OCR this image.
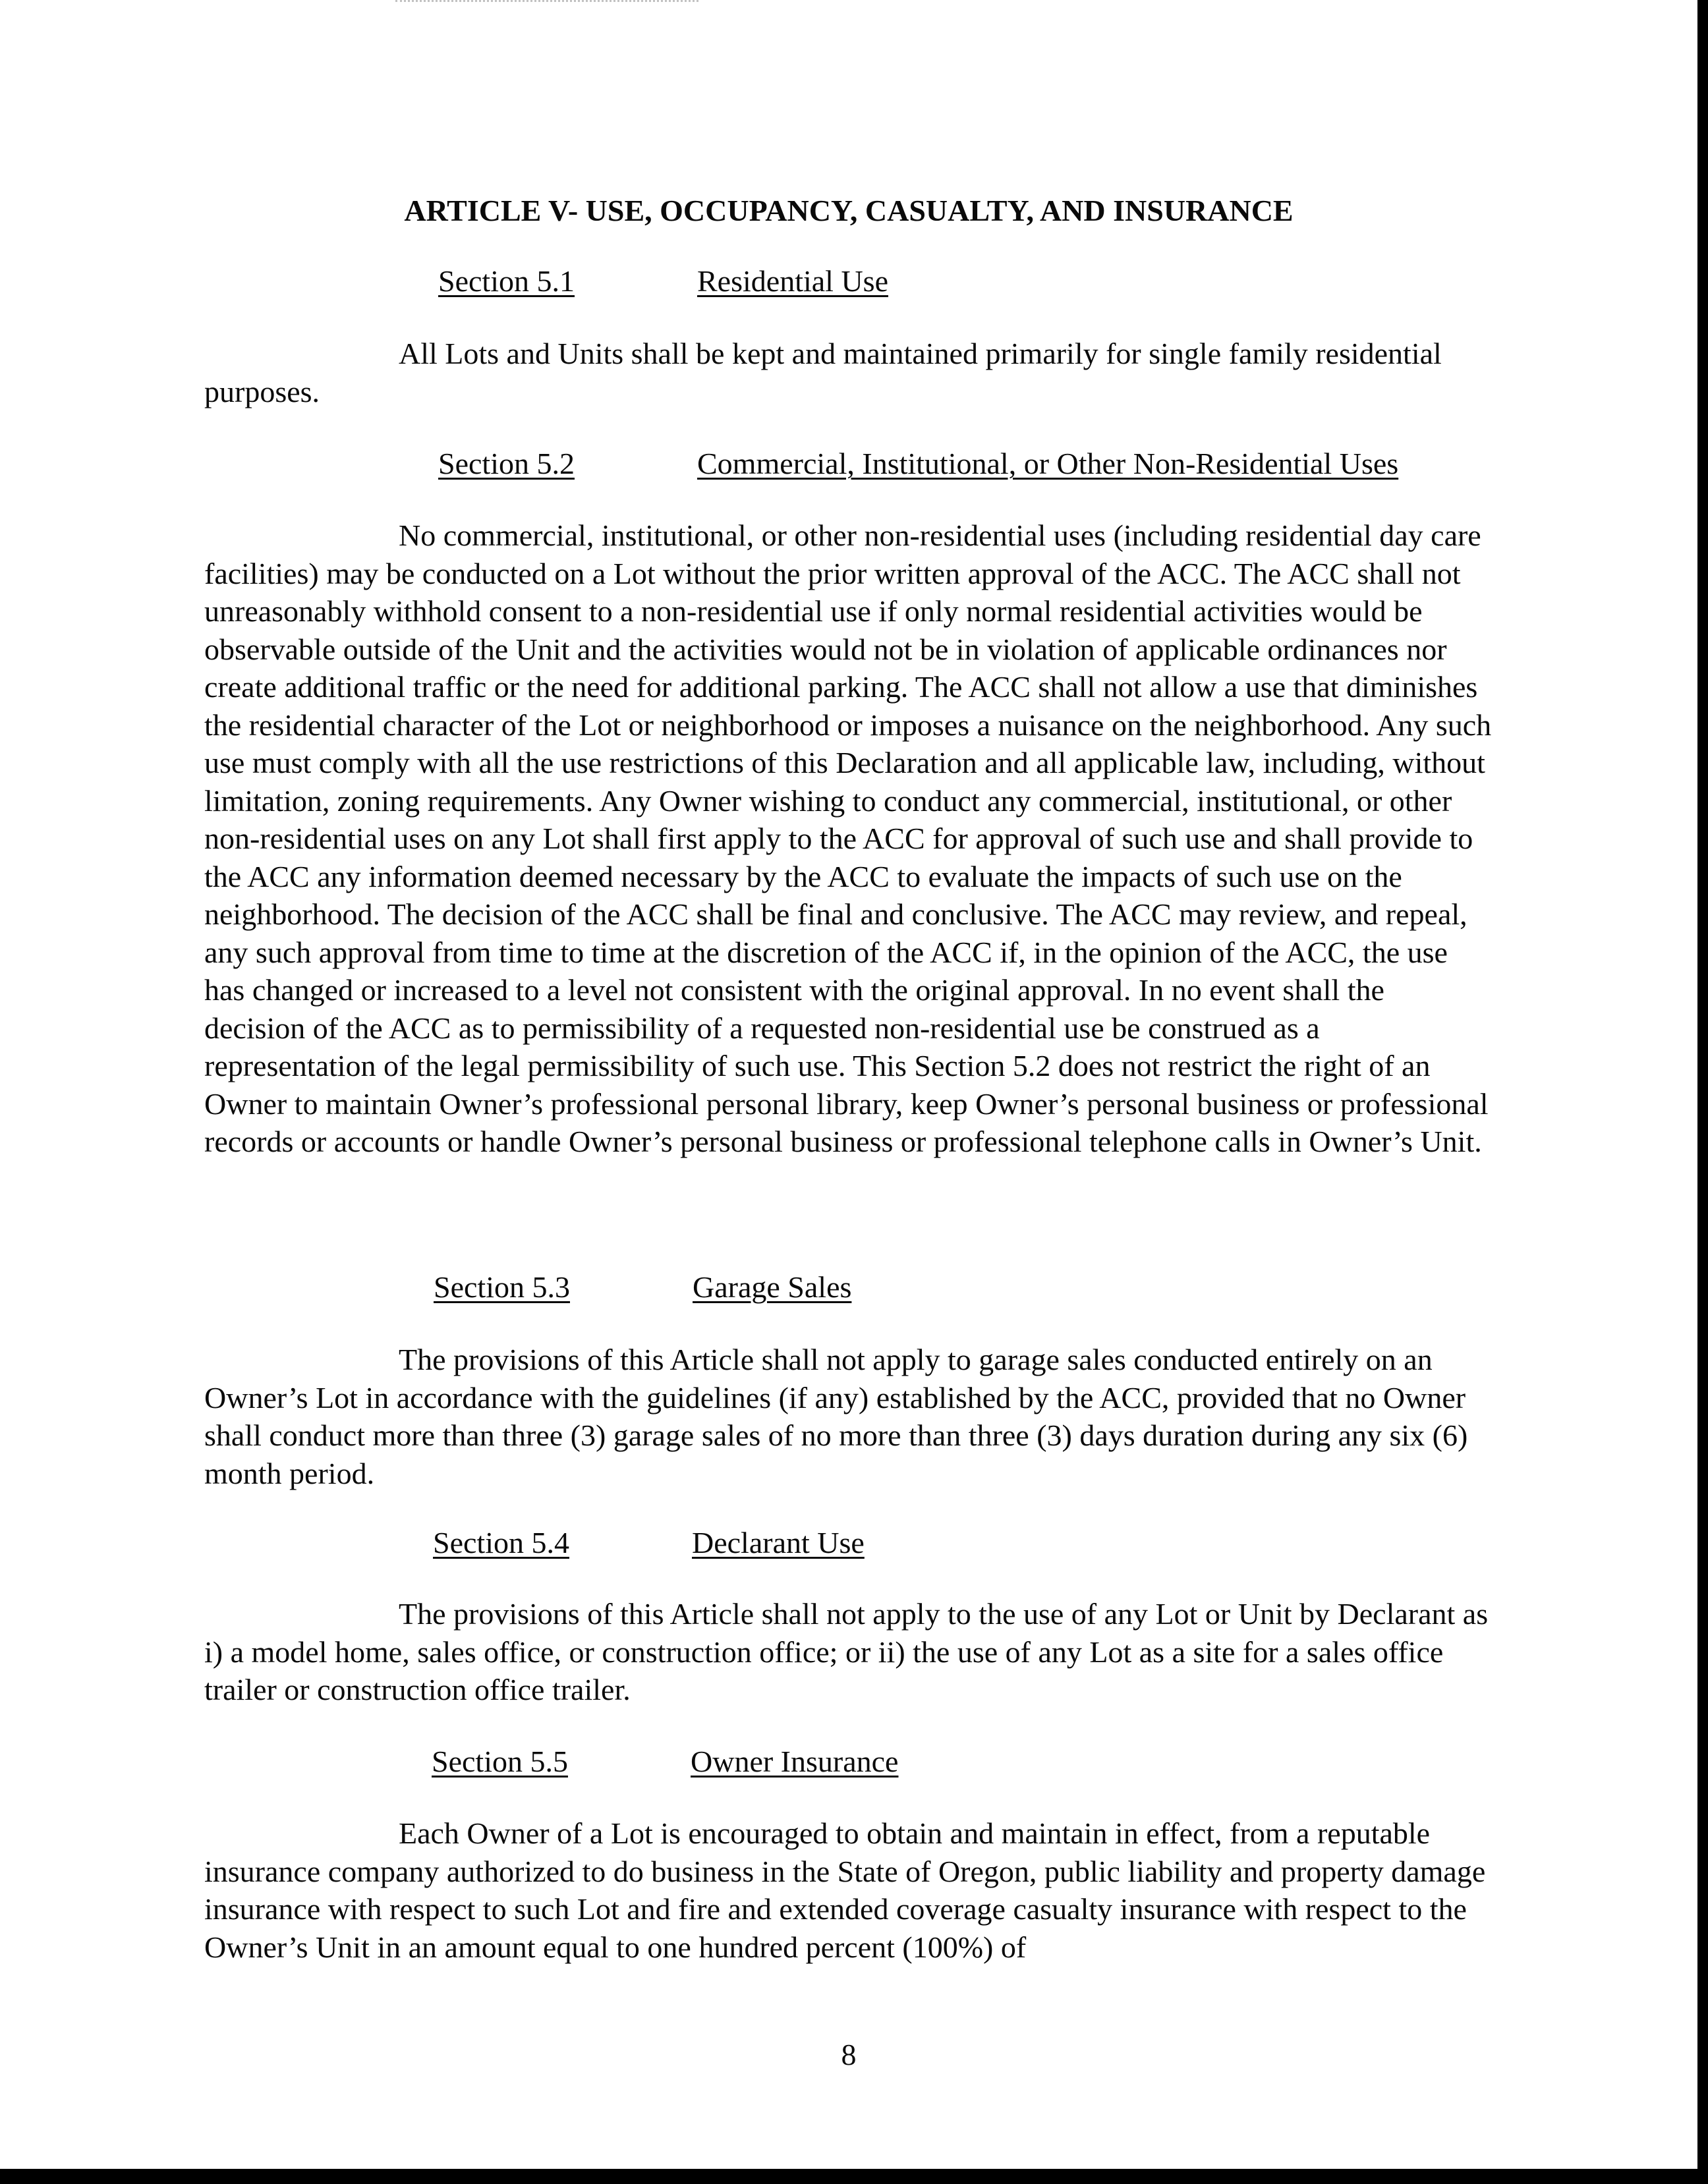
ARTICLE V- USE, OCCUPANCY, CASUALTY, AND INSURANCE
Section 5.1	Residential Use

All Lots and Units shall be kept and maintained primarily for single family residential purposes.

Section 5.2	Commercial, Institutional, or Other Non-Residential Uses

No commercial, institutional, or other non-residential uses (including residential day care facilities) may be conducted on a Lot without the prior written approval of the ACC. The ACC shall not unreasonably withhold consent to a non-residential use if only normal residential activities would be observable outside of the Unit and the activities would not be in violation of applicable ordinances nor create additional traffic or the need for additional parking. The ACC shall not allow a use that diminishes the residential character of the Lot or neighborhood or imposes a nuisance on the neighborhood. Any such use must comply with all the use restrictions of this Declaration and all applicable law, including, without limitation, zoning requirements. Any Owner wishing to conduct any commercial, institutional, or other non-residential uses on any Lot shall first apply to the ACC for approval of such use and shall provide to the ACC any information deemed necessary by the ACC to evaluate the impacts of such use on the neighborhood. The decision of the ACC shall be final and conclusive. The ACC may review, and repeal, any such approval from time to time at the discretion of the ACC if, in the opinion of the ACC, the use has changed or increased to a level not consistent with the original approval. In no event shall the decision of the ACC as to permissibility of a requested non-residential use be construed as a representation of the legal permissibility of such use. This Section 5.2 does not restrict the right of an Owner to maintain Owner’s professional personal library, keep Owner’s personal business or professional records or accounts or handle Owner’s personal business or professional telephone calls in Owner’s Unit.

Section 5.3	Garage Sales

The provisions of this Article shall not apply to garage sales conducted entirely on an Owner’s Lot in accordance with the guidelines (if any) established by the ACC, provided that no Owner shall conduct more than three (3) garage sales of no more than three (3) days duration during any six (6) month period.

Section 5.4	Declarant Use

The provisions of this Article shall not apply to the use of any Lot or Unit by Declarant as i) a model home, sales office, or construction office; or ii) the use of any Lot as a site for a sales office trailer or construction office trailer.

Section 5.5	Owner Insurance

Each Owner of a Lot is encouraged to obtain and maintain in effect, from a reputable insurance company authorized to do business in the State of Oregon, public liability and property damage insurance with respect to such Lot and fire and extended coverage casualty insurance with respect to the Owner’s Unit in an amount equal to one hundred percent (100%) of

8
